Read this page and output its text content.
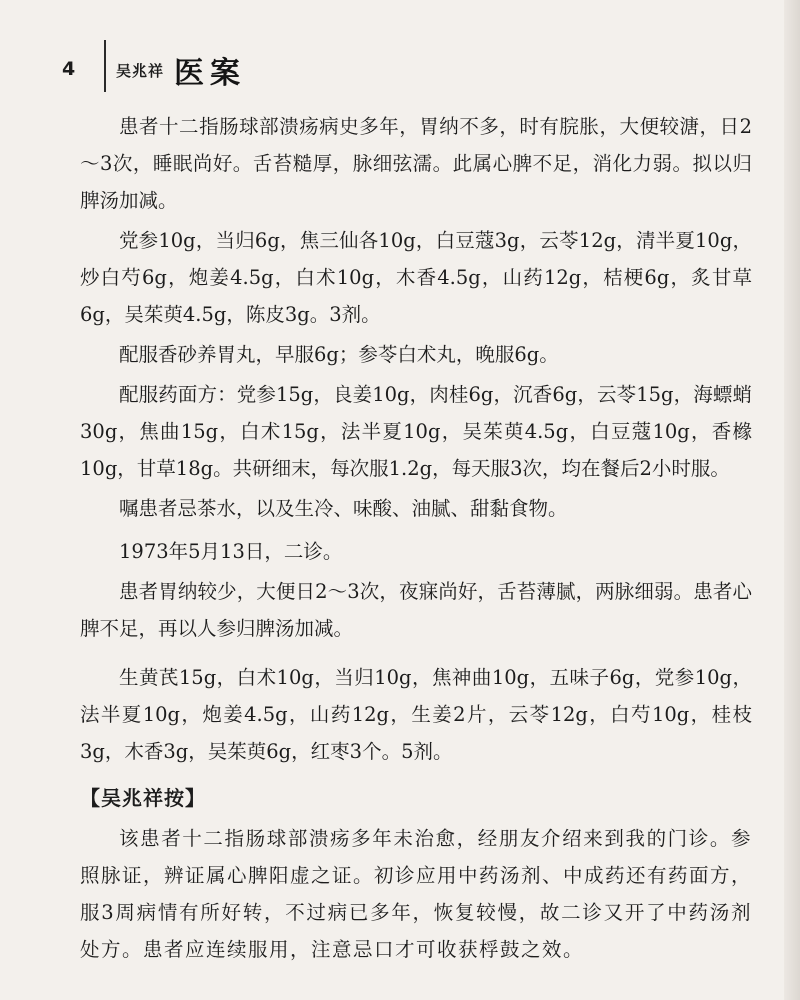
4	吴兆祥 医案

患者十二指肠球部溃疡病史多年，胃纳不多，时有脘胀，大便较溏，日2～3次，睡眠尚好。舌苔糙厚，脉细弦濡。此属心脾不足，消化力弱。拟以归脾汤加减。

党参10g，当归6g，焦三仙各10g，白豆蔻3g，云苓12g，清半夏10g，炒白芍6g，炮姜4.5g，白术10g，木香4.5g，山药12g，桔梗6g，炙甘草6g，吴茱萸4.5g，陈皮3g。3剂。

配服香砂养胃丸，早服6g；参苓白术丸，晚服6g。

配服药面方：党参15g，良姜10g，肉桂6g，沉香6g，云苓15g，海螵蛸30g，焦曲15g，白术15g，法半夏10g，吴茱萸4.5g，白豆蔻10g，香橼10g，甘草18g。共研细末，每次服1.2g，每天服3次，均在餐后2小时服。

嘱患者忌茶水，以及生冷、味酸、油腻、甜黏食物。

1973年5月13日，二诊。

患者胃纳较少，大便日2～3次，夜寐尚好，舌苔薄腻，两脉细弱。患者心脾不足，再以人参归脾汤加减。

生黄芪15g，白术10g，当归10g，焦神曲10g，五味子6g，党参10g，法半夏10g，炮姜4.5g，山药12g，生姜2片，云苓12g，白芍10g，桂枝3g，木香3g，吴茱萸6g，红枣3个。5剂。

【吴兆祥按】

该患者十二指肠球部溃疡多年未治愈，经朋友介绍来到我的门诊。参照脉证，辨证属心脾阳虚之证。初诊应用中药汤剂、中成药还有药面方，服3周病情有所好转，不过病已多年，恢复较慢，故二诊又开了中药汤剂处方。患者应连续服用，注意忌口才可收获桴鼓之效。
